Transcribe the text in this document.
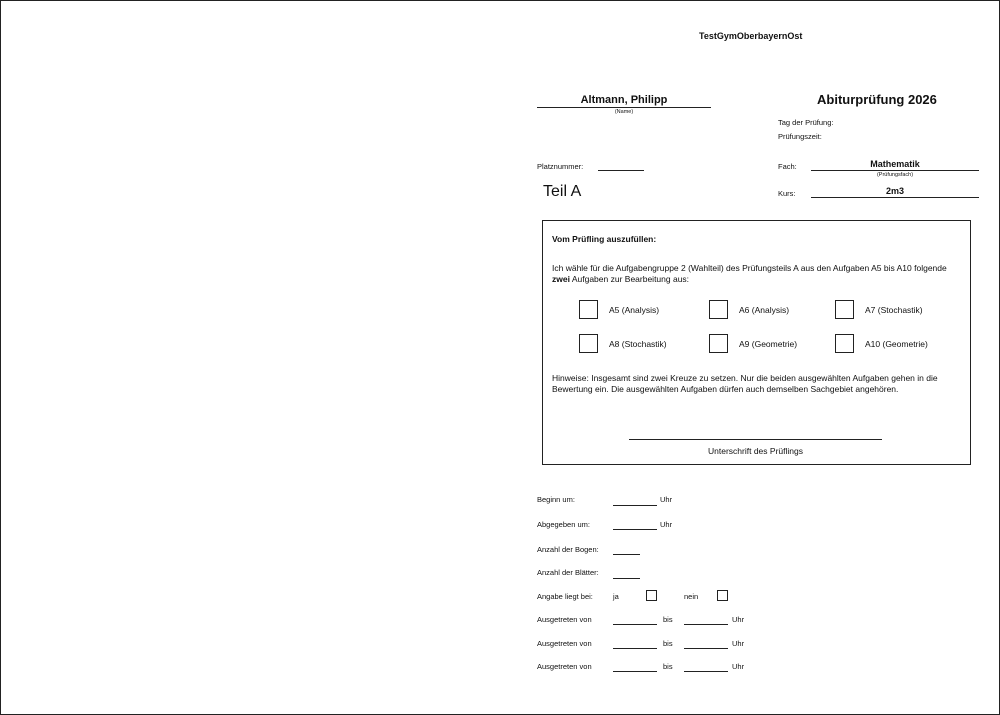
TestGymOberbayernOst
Altmann, Philipp
(Name)
Abiturprüfung 2026
Tag der Prüfung:
Prüfungszeit:
Platznummer:	Fach:	Mathematik
(Prüfungsfach)
Teil A	Kurs:	2m3
Vom Prüfling auszufüllen:
Ich wähle für die Aufgabengruppe 2 (Wahlteil) des Prüfungsteils A aus den Aufgaben A5 bis A10 folgende zwei Aufgaben zur Bearbeitung aus:
A5 (Analysis)	A6 (Analysis)	A7 (Stochastik)
A8 (Stochastik)	A9 (Geometrie)	A10 (Geometrie)
Hinweise: Insgesamt sind zwei Kreuze zu setzen. Nur die beiden ausgewählten Aufgaben gehen in die Bewertung ein. Die ausgewählten Aufgaben dürfen auch demselben Sachgebiet angehören.
Unterschrift des Prüflings
Beginn um:	Uhr
Abgegeben um:	Uhr
Anzahl der Bogen:
Anzahl der Blätter:
Angabe liegt bei:	ja	nein
Ausgetreten von	bis	Uhr
Ausgetreten von	bis	Uhr
Ausgetreten von	bis	Uhr
